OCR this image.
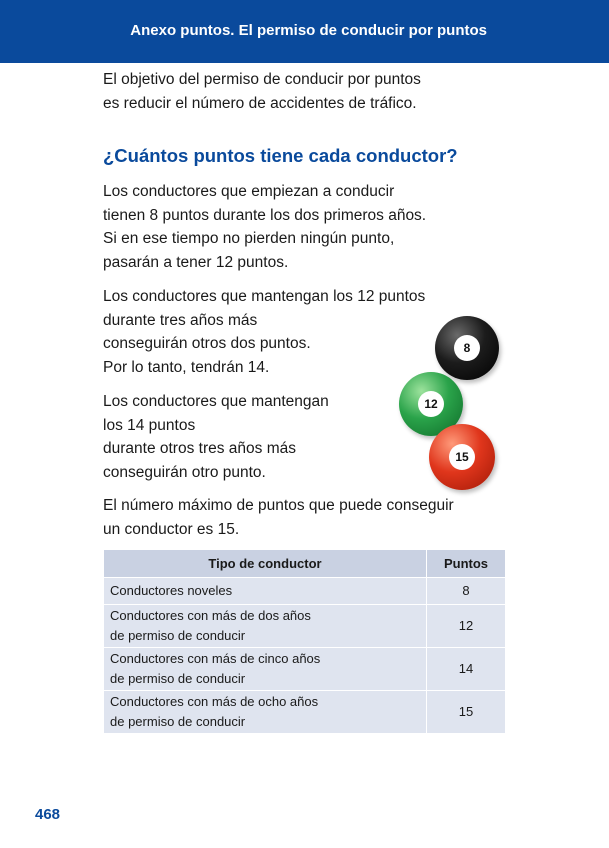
Anexo puntos. El permiso de conducir por puntos

El objetivo del permiso de conducir por puntos
es reducir el número de accidentes de tráfico.

¿Cuántos puntos tiene cada conductor?

Los conductores que empiezan a conducir
tienen 8 puntos durante los dos primeros años.
Si en ese tiempo no pierden ningún punto,
pasarán a tener 12 puntos.

Los conductores que mantengan los 12 puntos
durante tres años más
conseguirán otros dos puntos.
Por lo tanto, tendrán 14.

Los conductores que mantengan
los 14 puntos
durante otros tres años más
conseguirán otro punto.

8
12
15

El número máximo de puntos que puede conseguir
un conductor es 15.

Tipo de conductor	Puntos

Conductores noveles	8

Conductores con más de dos años
de permiso de conducir	12

Conductores con más de cinco años
de permiso de conducir	14

Conductores con más de ocho años
de permiso de conducir	15
468
